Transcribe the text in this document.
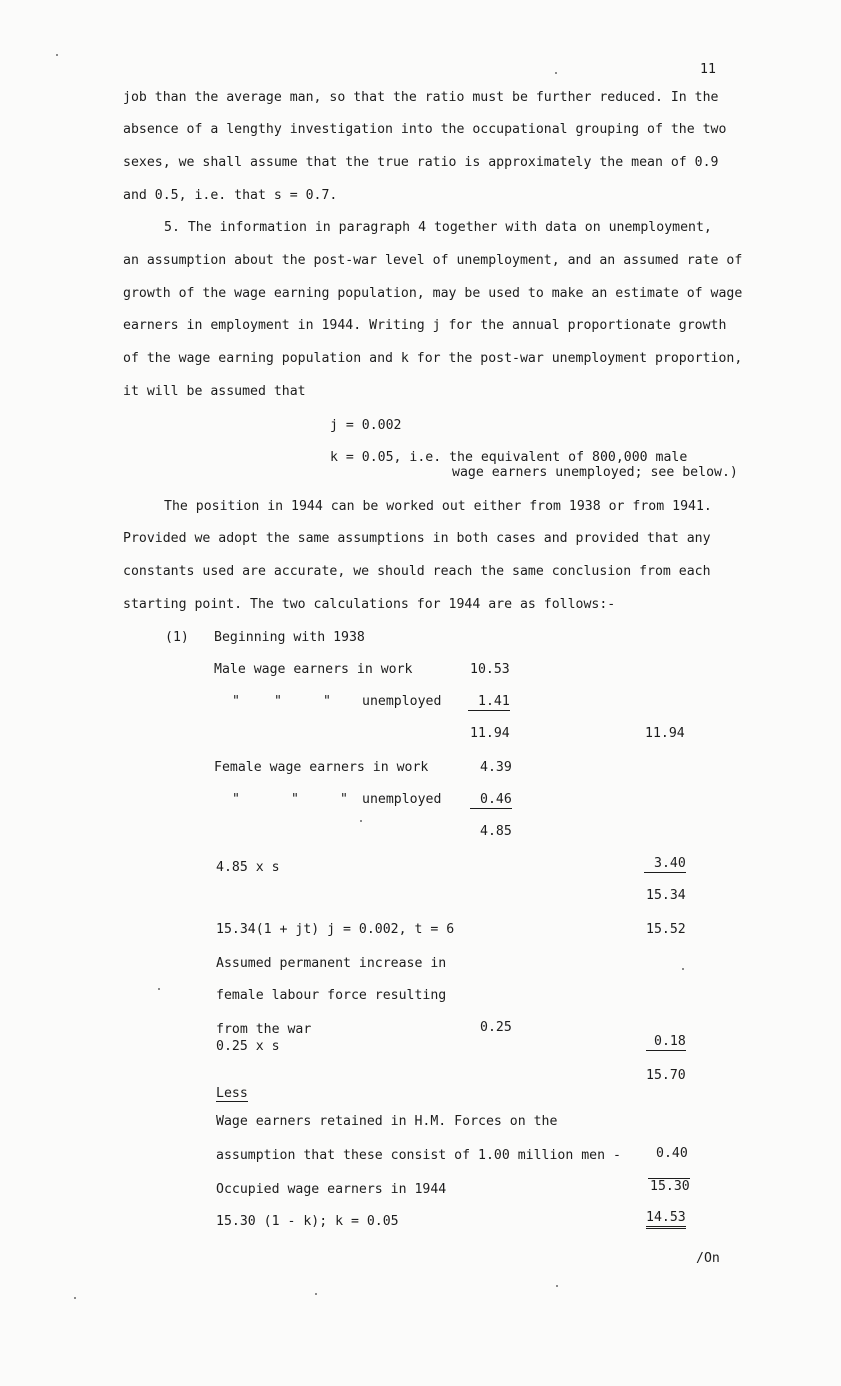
11
job than the average man, so that the ratio must be further reduced. In the
absence of a lengthy investigation into the occupational grouping of the two
sexes, we shall assume that the true ratio is approximately the mean of 0.9
and 0.5, i.e. that s = 0.7.
5. The information in paragraph 4 together with data on unemployment,
an assumption about the post-war level of unemployment, and an assumed rate of
growth of the wage earning population, may be used to make an estimate of wage
earners in employment in 1944. Writing j for the annual proportionate growth
of the wage earning population and k for the post-war unemployment proportion,
it will be assumed that
j = 0.002
k = 0.05, i.e. the equivalent of 800,000 male
wage earners unemployed; see below.)
The position in 1944 can be worked out either from 1938 or from 1941.
Provided we adopt the same assumptions in both cases and provided that any
constants used are accurate, we should reach the same conclusion from each
starting point. The two calculations for 1944 are as follows:-
(1) Beginning with 1938
Male wage earners in work	10.53
"	"	" unemployed	1.41
11.94	11.94
Female wage earners in work	4.39
"	"	" unemployed	0.46
4.85
4.85 x s	3.40
15.34
15.34(1 + jt) j = 0.002, t = 6	15.52
Assumed permanent increase in
female labour force resulting
from the war	0.25
0.25 x s	0.18
15.70
Less
Wage earners retained in H.M. Forces on the
assumption that these consist of 1.00 million men -	0.40
Occupied wage earners in 1944	15.30
15.30 (1 - k); k = 0.05	14.53
/On
